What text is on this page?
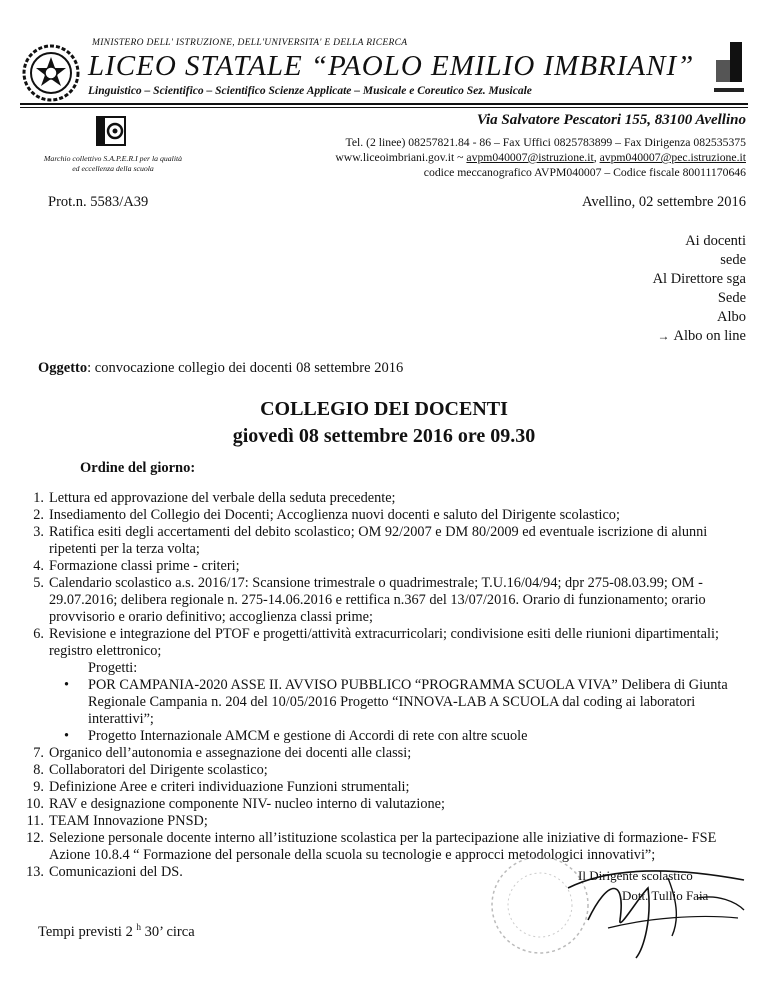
MINISTERO DELL' ISTRUZIONE, DELL'UNIVERSITA' E DELLA RICERCA
LICEO STATALE “PAOLO EMILIO IMBRIANI”
Linguistico – Scientifico – Scientifico Scienze Applicate – Musicale e Coreutico Sez. Musicale
Marchio collettivo S.A.P.E.R.I per la qualità ed eccellenza della scuola
Via Salvatore Pescatori 155, 83100 Avellino
Tel. (2 linee) 08257821.84 - 86 – Fax Uffici 0825783899 – Fax Dirigenza 082535375
www.liceoimbriani.gov.it ~ avpm040007@istruzione.it, avpm040007@pec.istruzione.it
codice meccanografico AVPM040007 – Codice fiscale 80011170646
Prot.n. 5583/A39	Avellino, 02 settembre 2016
Ai docenti
sede
Al Direttore sga
Sede
Albo
→ Albo on line
Oggetto: convocazione collegio dei docenti 08 settembre 2016
COLLEGIO DEI DOCENTI
giovedì 08 settembre 2016 ore 09.30
Ordine del giorno:
1. Lettura ed approvazione del verbale della seduta precedente;
2. Insediamento del Collegio dei Docenti; Accoglienza nuovi docenti e saluto del Dirigente scolastico;
3. Ratifica esiti degli accertamenti del debito scolastico; OM 92/2007 e DM 80/2009 ed eventuale iscrizione di alunni ripetenti per la terza volta;
4. Formazione classi prime - criteri;
5. Calendario scolastico a.s. 2016/17: Scansione trimestrale o quadrimestrale; T.U.16/04/94; dpr 275-08.03.99; OM - 29.07.2016; delibera regionale n. 275-14.06.2016 e rettifica n.367 del 13/07/2016. Orario di funzionamento; orario provvisorio e orario definitivo; accoglienza classi prime;
6. Revisione e integrazione del PTOF e progetti/attività extracurricolari; condivisione esiti delle riunioni dipartimentali; registro elettronico;
Progetti:
•	POR CAMPANIA-2020 ASSE II. AVVISO PUBBLICO “PROGRAMMA SCUOLA VIVA” Delibera di Giunta Regionale Campania n. 204 del 10/05/2016 Progetto “INNOVA-LAB A SCUOLA dal coding ai laboratori interattivi”;
•	Progetto Internazionale AMCM e gestione di Accordi di rete con altre scuole
7. Organico dell’autonomia e assegnazione dei docenti alle classi;
8. Collaboratori del Dirigente scolastico;
9. Definizione Aree e criteri individuazione Funzioni strumentali;
10. RAV e designazione componente NIV- nucleo interno di valutazione;
11. TEAM Innovazione PNSD;
12. Selezione personale docente interno all’istituzione scolastica per la partecipazione alle iniziative di formazione- FSE Azione 10.8.4 “ Formazione del personale della scuola su tecnologie e approcci metodologici innovativi”;
13. Comunicazioni del DS.
Tempi previsti 2 $^h$ 30’ circa
Il Dirigente scolastico
Dott. Tullio Faia
